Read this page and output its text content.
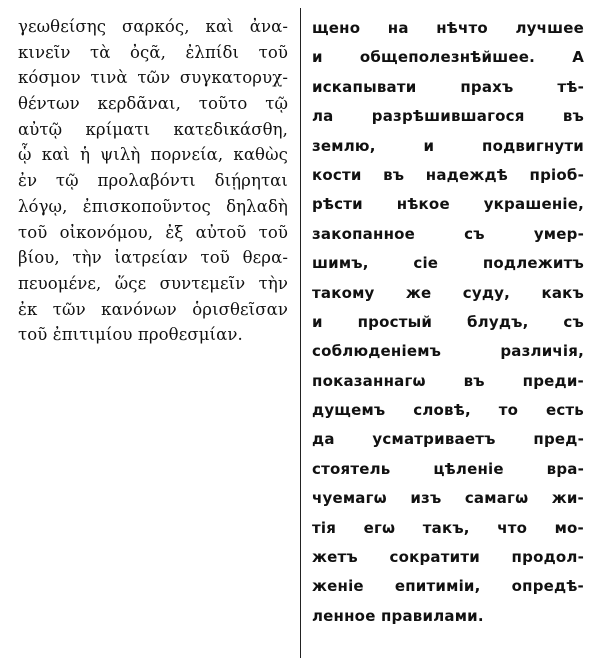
γεωθείσης σαρκός, καὶ ἀνα-
κινεῖν τὰ ὀςᾶ, ἐλπίδι τοῦ
κόσμον τινὰ τῶν συγκατορυχ-
θέντων κερδᾶναι, τοῦτο τῷ
αὐτῷ κρίματι κατεδικάσθη,
ᾧ καὶ ἡ ψιλὴ πορνεία, καθὼς
ἐν τῷ προλαβόντι διῄρηται
λόγῳ, ἐπισκοποῦντος δηλαδὴ
τοῦ οἰκονόμου, ἐξ αὐτοῦ τοῦ
βίου, τὴν ἰατρείαν τοῦ θερα-
πευομένε, ὥςε συντεμεῖν τὴν
ἐκ τῶν κανόνων ὁρισθεῖσαν
τοῦ ἐπιτιμίου προθεσμίαν.
щено на нѣчто лучшее
и общеполезнѣйшее. А
искапывати прахъ тѣ-
ла разрѣшившагося въ
землю, и подвигнути
кости въ надеждѣ пріоб-
рѣсти нѣкое украшеніе,
закопанное съ умер-
шимъ, сіе подлежитъ
такому же суду, какъ
и простый блудъ, съ
соблюденіемъ различія,
показаннагω въ преди-
дущемъ словѣ, то есть
да усматриваетъ пред-
стоятель цѣленіе вра-
чуемагω изъ самагω жи-
тія егω такъ, что мо-
жетъ сократити продол-
женіе епитиміи, опредѣ-
ленное правилами.
